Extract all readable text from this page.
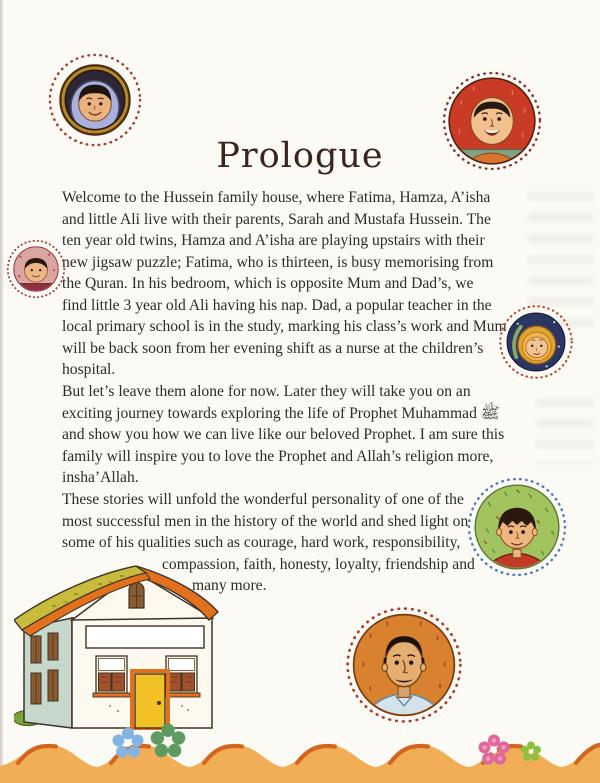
Prologue
Welcome to the Hussein family house, where Fatima, Hamza, A’isha
and little Ali live with their parents, Sarah and Mustafa Hussein. The
ten year old twins, Hamza and A’isha are playing upstairs with their
new jigsaw puzzle; Fatima, who is thirteen, is busy memorising from
the Quran. In his bedroom, which is opposite Mum and Dad’s, we
find little 3 year old Ali having his nap. Dad, a popular teacher in the
local primary school is in the study, marking his class’s work and Mum
will be back soon from her evening shift as a nurse at the children’s
hospital.
But let’s leave them alone for now. Later they will take you on an
exciting journey towards exploring the life of Prophet Muhammad ﷺ
and show you how we can live like our beloved Prophet. I am sure this
family will inspire you to love the Prophet and Allah’s religion more,
insha’Allah.
These stories will unfold the wonderful personality of one of the
most successful men in the history of the world and shed light on
some of his qualities such as courage, hard work, responsibility,
compassion, faith, honesty, loyalty, friendship and
many more.
